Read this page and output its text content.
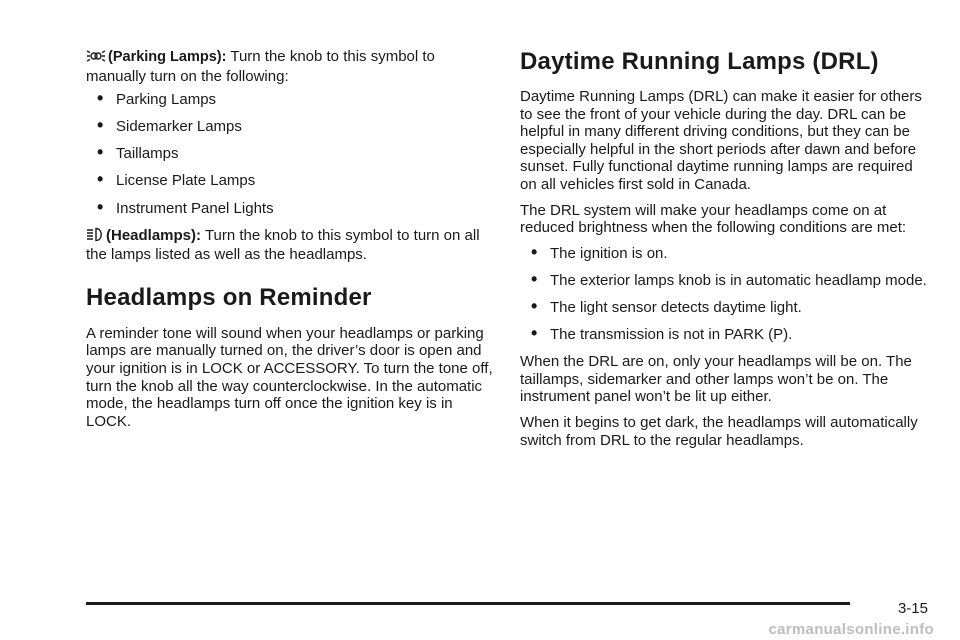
(Parking Lamps): Turn the knob to this symbol to manually turn on the following:

• Parking Lamps
• Sidemarker Lamps
• Taillamps
• License Plate Lamps
• Instrument Panel Lights

(Headlamps): Turn the knob to this symbol to turn on all the lamps listed as well as the headlamps.

Headlamps on Reminder

A reminder tone will sound when your headlamps or parking lamps are manually turned on, the driver’s door is open and your ignition is in LOCK or ACCESSORY. To turn the tone off, turn the knob all the way counterclockwise. In the automatic mode, the headlamps turn off once the ignition key is in LOCK.

Daytime Running Lamps (DRL)

Daytime Running Lamps (DRL) can make it easier for others to see the front of your vehicle during the day. DRL can be helpful in many different driving conditions, but they can be especially helpful in the short periods after dawn and before sunset. Fully functional daytime running lamps are required on all vehicles first sold in Canada.

The DRL system will make your headlamps come on at reduced brightness when the following conditions are met:

• The ignition is on.
• The exterior lamps knob is in automatic headlamp mode.
• The light sensor detects daytime light.
• The transmission is not in PARK (P).

When the DRL are on, only your headlamps will be on. The taillamps, sidemarker and other lamps won’t be on. The instrument panel won’t be lit up either.

When it begins to get dark, the headlamps will automatically switch from DRL to the regular headlamps.

3-15
carmanualsonline.info
